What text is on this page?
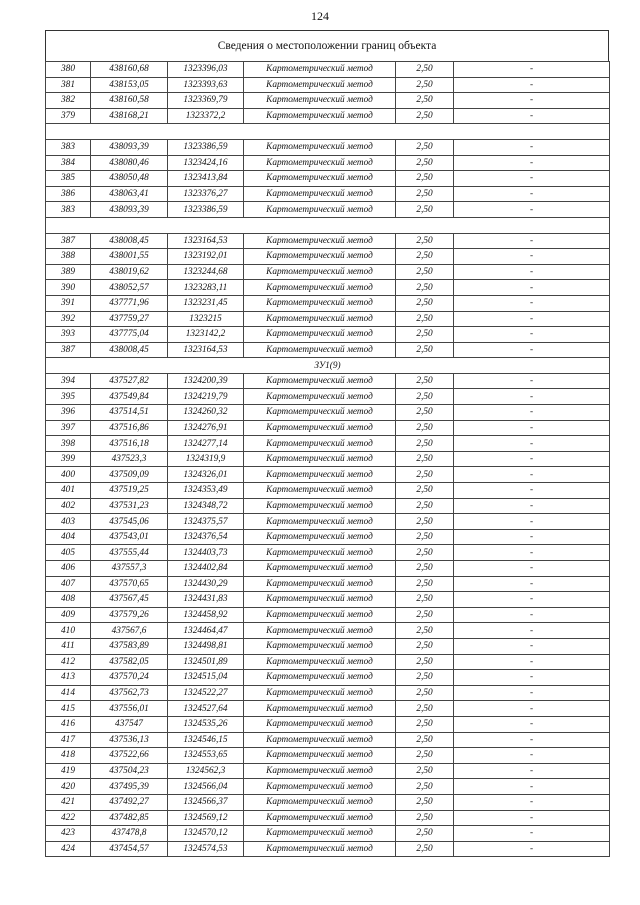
124
Сведения о местоположении границ объекта
380	438160,68	1323396,03	Картометрический метод	2,50	-
381	438153,05	1323393,63	Картометрический метод	2,50	-
382	438160,58	1323369,79	Картометрический метод	2,50	-
379	438168,21	1323372,2	Картометрический метод	2,50	-

383	438093,39	1323386,59	Картометрический метод	2,50	-
384	438080,46	1323424,16	Картометрический метод	2,50	-
385	438050,48	1323413,84	Картометрический метод	2,50	-
386	438063,41	1323376,27	Картометрический метод	2,50	-
383	438093,39	1323386,59	Картометрический метод	2,50	-

387	438008,45	1323164,53	Картометрический метод	2,50	-
388	438001,55	1323192,01	Картометрический метод	2,50	-
389	438019,62	1323244,68	Картометрический метод	2,50	-
390	438052,57	1323283,11	Картометрический метод	2,50	-
391	437771,96	1323231,45	Картометрический метод	2,50	-
392	437759,27	1323215	Картометрический метод	2,50	-
393	437775,04	1323142,2	Картометрический метод	2,50	-
387	438008,45	1323164,53	Картометрический метод	2,50	-
ЗУ1(9)					
394	437527,82	1324200,39	Картометрический метод	2,50	-
395	437549,84	1324219,79	Картометрический метод	2,50	-
396	437514,51	1324260,32	Картометрический метод	2,50	-
397	437516,86	1324276,91	Картометрический метод	2,50	-
398	437516,18	1324277,14	Картометрический метод	2,50	-
399	437523,3	1324319,9	Картометрический метод	2,50	-
400	437509,09	1324326,01	Картометрический метод	2,50	-
401	437519,25	1324353,49	Картометрический метод	2,50	-
402	437531,23	1324348,72	Картометрический метод	2,50	-
403	437545,06	1324375,57	Картометрический метод	2,50	-
404	437543,01	1324376,54	Картометрический метод	2,50	-
405	437555,44	1324403,73	Картометрический метод	2,50	-
406	437557,3	1324402,84	Картометрический метод	2,50	-
407	437570,65	1324430,29	Картометрический метод	2,50	-
408	437567,45	1324431,83	Картометрический метод	2,50	-
409	437579,26	1324458,92	Картометрический метод	2,50	-
410	437567,6	1324464,47	Картометрический метод	2,50	-
411	437583,89	1324498,81	Картометрический метод	2,50	-
412	437582,05	1324501,89	Картометрический метод	2,50	-
413	437570,24	1324515,04	Картометрический метод	2,50	-
414	437562,73	1324522,27	Картометрический метод	2,50	-
415	437556,01	1324527,64	Картометрический метод	2,50	-
416	437547	1324535,26	Картометрический метод	2,50	-
417	437536,13	1324546,15	Картометрический метод	2,50	-
418	437522,66	1324553,65	Картометрический метод	2,50	-
419	437504,23	1324562,3	Картометрический метод	2,50	-
420	437495,39	1324566,04	Картометрический метод	2,50	-
421	437492,27	1324566,37	Картометрический метод	2,50	-
422	437482,85	1324569,12	Картометрический метод	2,50	-
423	437478,8	1324570,12	Картометрический метод	2,50	-
424	437454,57	1324574,53	Картометрический метод	2,50	-
